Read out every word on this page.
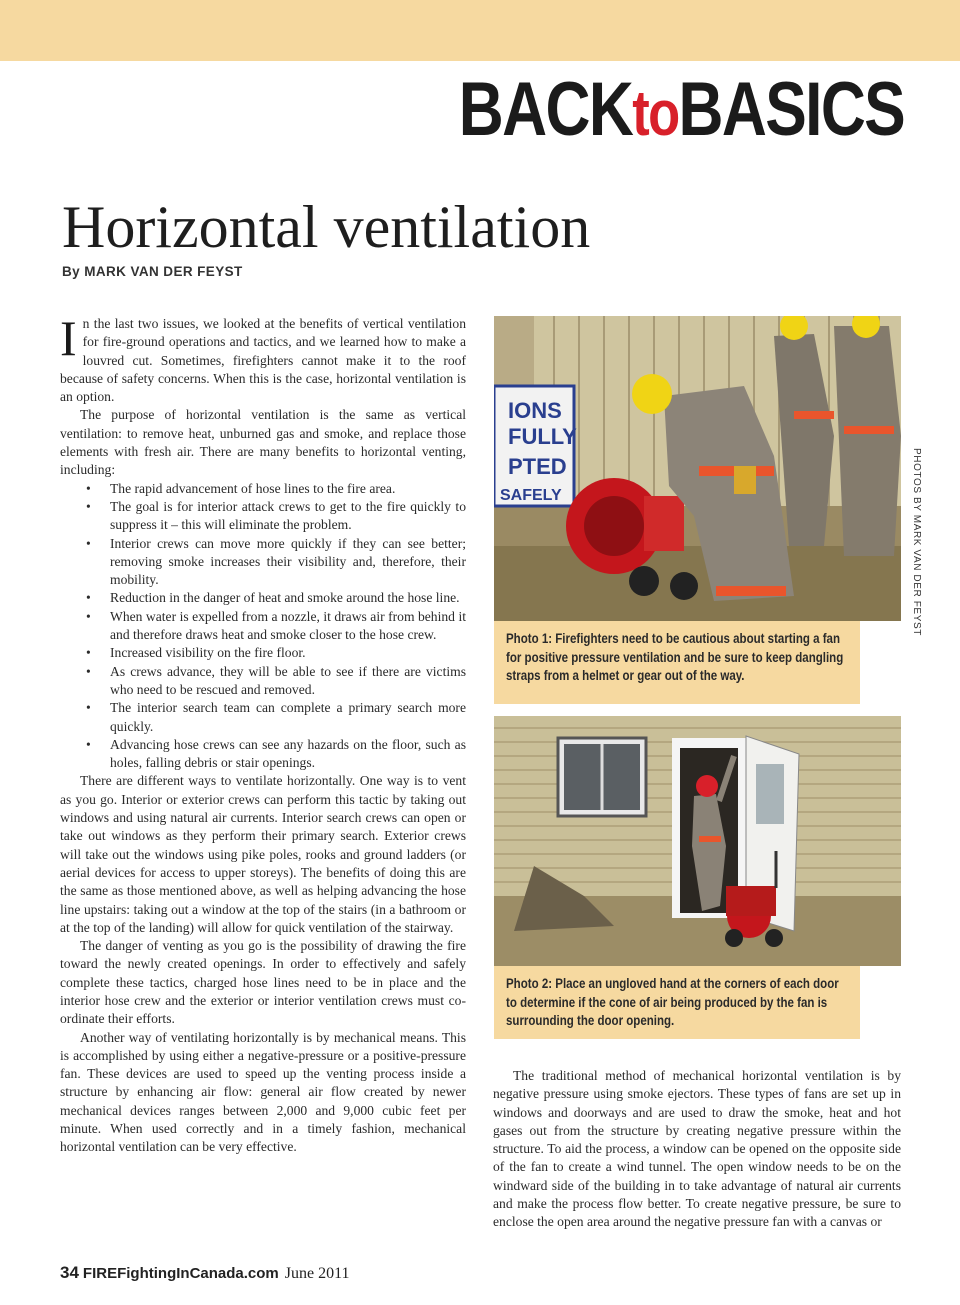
BACKtoBASICS
Horizontal ventilation
By MARK VAN DER FEYST

In the last two issues, we looked at the benefits of vertical ventilation for fire-ground operations and tactics, and we learned how to make a louvred cut. Sometimes, firefighters cannot make it to the roof because of safety concerns. When this is the case, horizontal ventilation is an option.

The purpose of horizontal ventilation is the same as vertical ventilation: to remove heat, unburned gas and smoke, and replace those elements with fresh air. There are many benefits to horizontal venting, including:

• The rapid advancement of hose lines to the fire area.
• The goal is for interior attack crews to get to the fire quickly to suppress it – this will eliminate the problem.
• Interior crews can move more quickly if they can see better; removing smoke increases their visibility and, therefore, their mobility.
• Reduction in the danger of heat and smoke around the hose line.
• When water is expelled from a nozzle, it draws air from behind it and therefore draws heat and smoke closer to the hose crew.
• Increased visibility on the fire floor.
• As crews advance, they will be able to see if there are victims who need to be rescued and removed.
• The interior search team can complete a primary search more quickly.
• Advancing hose crews can see any hazards on the floor, such as holes, falling debris or stair openings.

There are different ways to ventilate horizontally. One way is to vent as you go. Interior or exterior crews can perform this tactic by taking out windows and using natural air currents. Interior search crews can open or take out windows as they perform their primary search. Exterior crews will take out the windows using pike poles, rooks and ground ladders (or aerial devices for access to upper storeys). The benefits of doing this are the same as those mentioned above, as well as helping advancing the hose line upstairs: taking out a window at the top of the stairs (in a bathroom or at the top of the landing) will allow for quick ventilation of the stairway.

The danger of venting as you go is the possibility of drawing the fire toward the newly created openings. In order to effectively and safely complete these tactics, charged hose lines need to be in place and the interior hose crew and the exterior or interior ventilation crews must co-ordinate their efforts.

Another way of ventilating horizontally is by mechanical means. This is accomplished by using either a negative-pressure or a positive-pressure fan. These devices are used to speed up the venting process inside a structure by enhancing air flow: general air flow created by newer mechanical devices ranges between 2,000 and 9,000 cubic feet per minute. When used correctly and in a timely fashion, mechanical horizontal ventilation can be very effective.

IONS
FULLY
PTED
SAFELY
Photo 1: Firefighters need to be cautious about starting a fan
for positive pressure ventilation and be sure to keep dangling
straps from a helmet or gear out of the way.
Photo 2: Place an ungloved hand at the corners of each door
to determine if the cone of air being produced by the fan is
surrounding the door opening.
PHOTOS BY MARK VAN DER FEYST

The traditional method of mechanical horizontal ventilation is by negative pressure using smoke ejectors. These types of fans are set up in windows and doorways and are used to draw the smoke, heat and hot gases out from the structure by creating negative pressure within the structure. To aid the process, a window can be opened on the opposite side of the fan to create a wind tunnel. The open window needs to be on the windward side of the building in to take advantage of natural air currents and make the process flow better. To create negative pressure, be sure to enclose the open area around the negative pressure fan with a canvas or

34 FIREFightingInCanada.com June 2011
